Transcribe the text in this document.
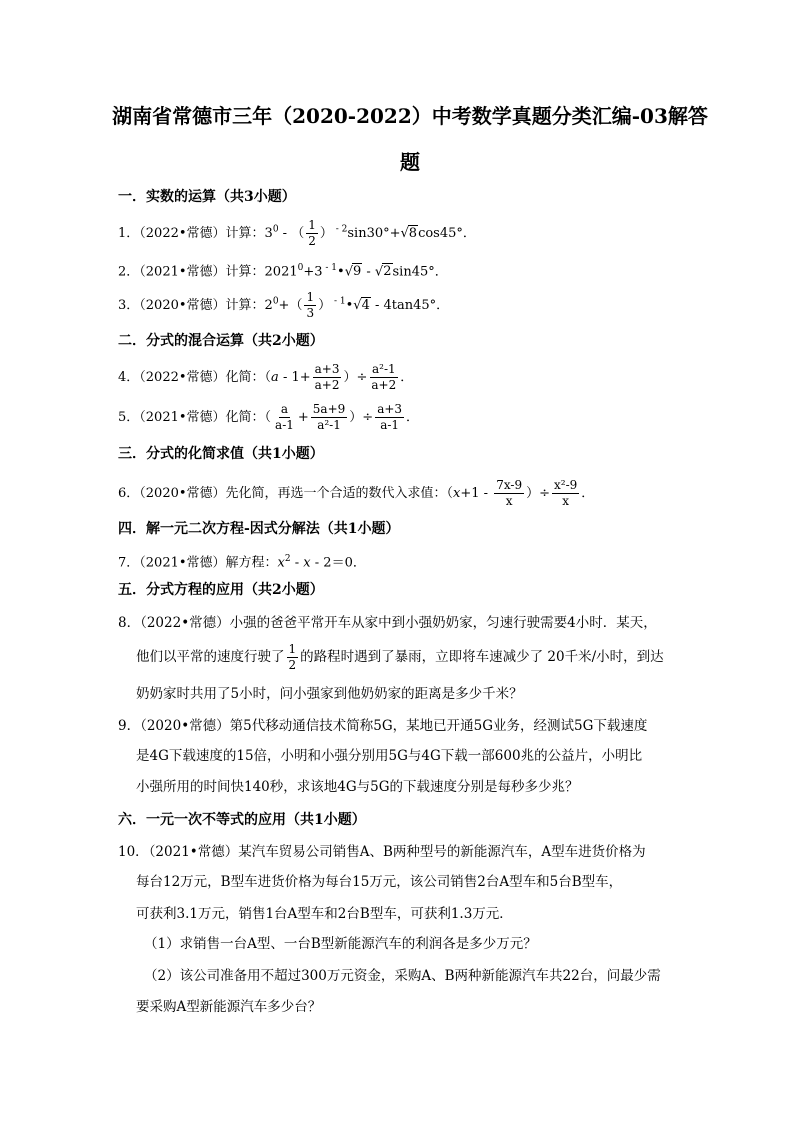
湖南省常德市三年（2020-2022）中考数学真题分类汇编-03解答
题
一．实数的运算（共3小题）
1．（2022•常德）计算：$3^0$ - （ $\frac{1}{2}$ ） $^{- 2}$sin30°+√8cos45°．
2．（2021•常德）计算：$2021^0+3$ $^{- 1}$•√9 - √2sin45°．
3．（2020•常德）计算：$2^0+( \frac{1}{3}$ ） $^{- 1}$•√4 - 4tan45°．
二．分式的混合运算（共2小题）
4．（2022•常德）化简：（$a - 1+ \frac{a+3}{a+2}$ ）÷ $\frac{\text{a²-1}}{a+2}$ ．
5．（2021•常德）化简：（ $\frac{a}{a-1} + \frac{5a+9}{\text{a²-1}}$ ）÷ $\frac{a+3}{a-1}$ ．
三．分式的化简求值（共1小题）
6．（2020•常德）先化简，再选一个合适的数代入求值：（$x+1 - \frac{7x-9}{x}$ ）÷ $\frac{\text{x²-9}}{x}$ ．
四．解一元二次方程-因式分解法（共1小题）
7．（2021•常德）解方程：$x^2 - x - 2=0$．
五．分式方程的应用（共2小题）
8．（2022•常德）小强的爸爸平常开车从家中到小强奶奶家，匀速行驶需要4小时．某天，
他们以平常的速度行驶了 $\frac{1}{2}$ 的路程时遇到了暴雨，立即将车速减少了 20千米/小时，到达
奶奶家时共用了5小时，问小强家到他奶奶家的距离是多少千米？
9．（2020•常德）第5代移动通信技术简称5G，某地已开通5G业务，经测试5G下载速度
是4G下载速度的15倍，小明和小强分别用5G与4G下载一部600兆的公益片，小明比
小强所用的时间快140秒，求该地4G与5G的下载速度分别是每秒多少兆？
六．一元一次不等式的应用（共1小题）
10．（2021•常德）某汽车贸易公司销售A、B两种型号的新能源汽车，A型车进货价格为
每台12万元，B型车进货价格为每台15万元，该公司销售2台A型车和5台B型车，
可获利3.1万元，销售1台A型车和2台B型车，可获利1.3万元．
（1）求销售一台A型、一台B型新能源汽车的利润各是多少万元？
（2）该公司准备用不超过300万元资金，采购A、B两种新能源汽车共22台，问最少需
要采购A型新能源汽车多少台？
